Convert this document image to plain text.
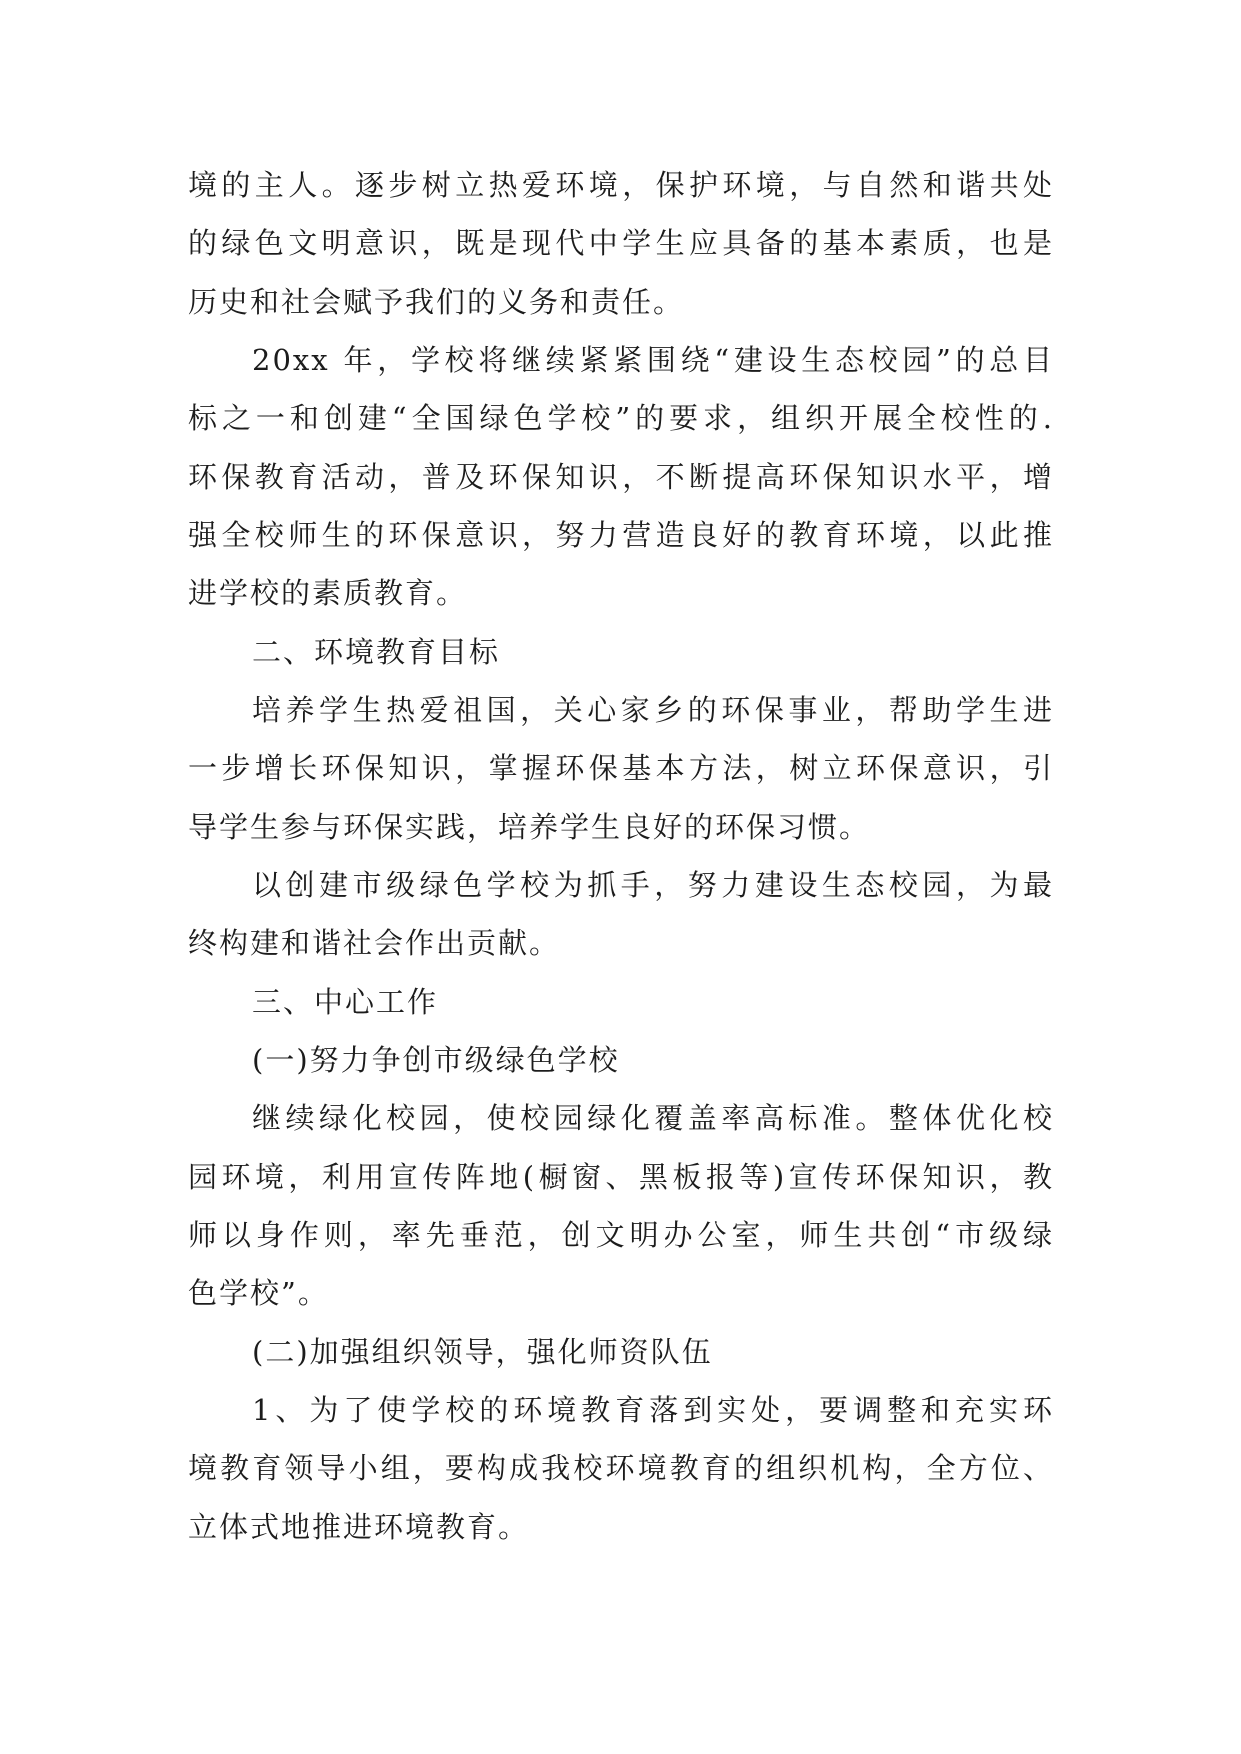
境的主人。逐步树立热爱环境，保护环境，与自然和谐共处
的绿色文明意识，既是现代中学生应具备的基本素质，也是
历史和社会赋予我们的义务和责任。
20xx 年，学校将继续紧紧围绕“建设生态校园”的总目
标之一和创建“全国绿色学校”的要求，组织开展全校性的.
环保教育活动，普及环保知识，不断提高环保知识水平，增
强全校师生的环保意识，努力营造良好的教育环境，以此推
进学校的素质教育。
二、环境教育目标
培养学生热爱祖国，关心家乡的环保事业，帮助学生进
一步增长环保知识，掌握环保基本方法，树立环保意识，引
导学生参与环保实践，培养学生良好的环保习惯。
以创建市级绿色学校为抓手，努力建设生态校园，为最
终构建和谐社会作出贡献。
三、中心工作
(一)努力争创市级绿色学校
继续绿化校园，使校园绿化覆盖率高标准。整体优化校
园环境，利用宣传阵地(橱窗、黑板报等)宣传环保知识，教
师以身作则，率先垂范，创文明办公室，师生共创“市级绿
色学校”。
(二)加强组织领导，强化师资队伍
1、为了使学校的环境教育落到实处，要调整和充实环
境教育领导小组，要构成我校环境教育的组织机构，全方位、
立体式地推进环境教育。
